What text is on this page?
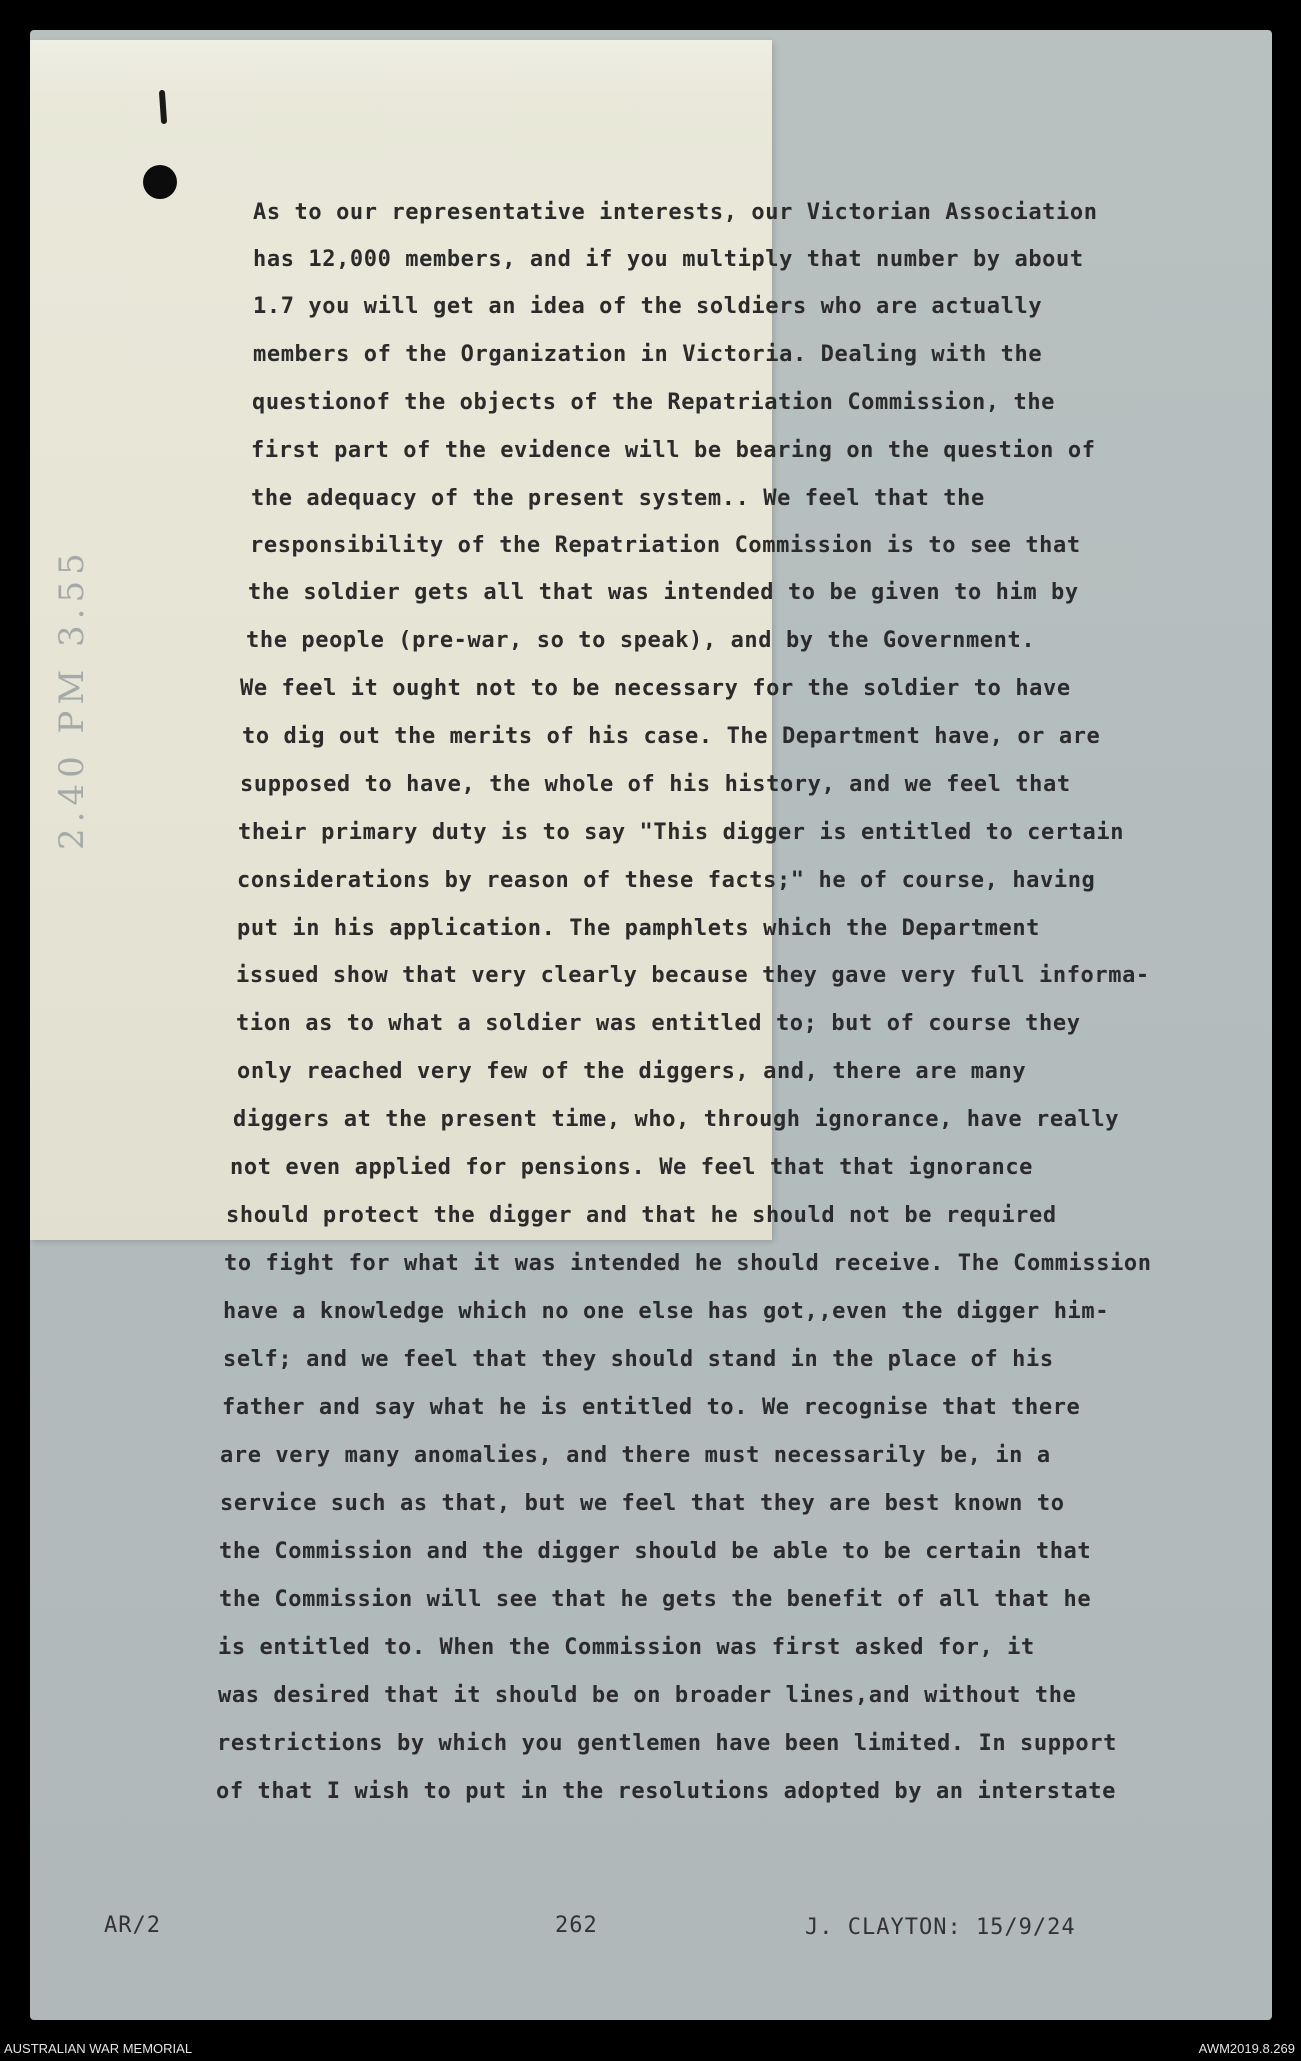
2.40 PM 3.55
As to our representative interests, our Victorian Association
has 12,000 members, and if you multiply that number by about
1.7 you will get an idea of the soldiers who are actually
members of the Organization in Victoria. Dealing with the
questionof the objects of the Repatriation Commission, the
first part of the evidence will be bearing on the question of
the adequacy of the present system.. We feel that the
responsibility of the Repatriation Commission is to see that
the soldier gets all that was intended to be given to him by
the people (pre-war, so to speak), and by the Government.
We feel it ought not to be necessary for the soldier to have
to dig out the merits of his case. The Department have, or are
supposed to have, the whole of his history, and we feel that
their primary duty is to say "This digger is entitled to certain
considerations by reason of these facts;" he of course, having
put in his application. The pamphlets which the Department
issued show that very clearly because they gave very full informa-
tion as to what a soldier was entitled to; but of course they
only reached very few of the diggers, and, there are many
diggers at the present time, who, through ignorance, have really
not even applied for pensions. We feel that that ignorance
should protect the digger and that he should not be required
to fight for what it was intended he should receive. The Commission
have a knowledge which no one else has got,,even the digger him-
self; and we feel that they should stand in the place of his
father and say what he is entitled to. We recognise that there
are very many anomalies, and there must necessarily be, in a
service such as that, but we feel that they are best known to
the Commission and the digger should be able to be certain that
the Commission will see that he gets the benefit of all that he
is entitled to. When the Commission was first asked for, it
was desired that it should be on broader lines,and without the
restrictions by which you gentlemen have been limited. In support
of that I wish to put in the resolutions adopted by an interstate
AR/2	262	J. CLAYTON: 15/9/24
AUSTRALIAN WAR MEMORIAL	AWM2019.8.269
